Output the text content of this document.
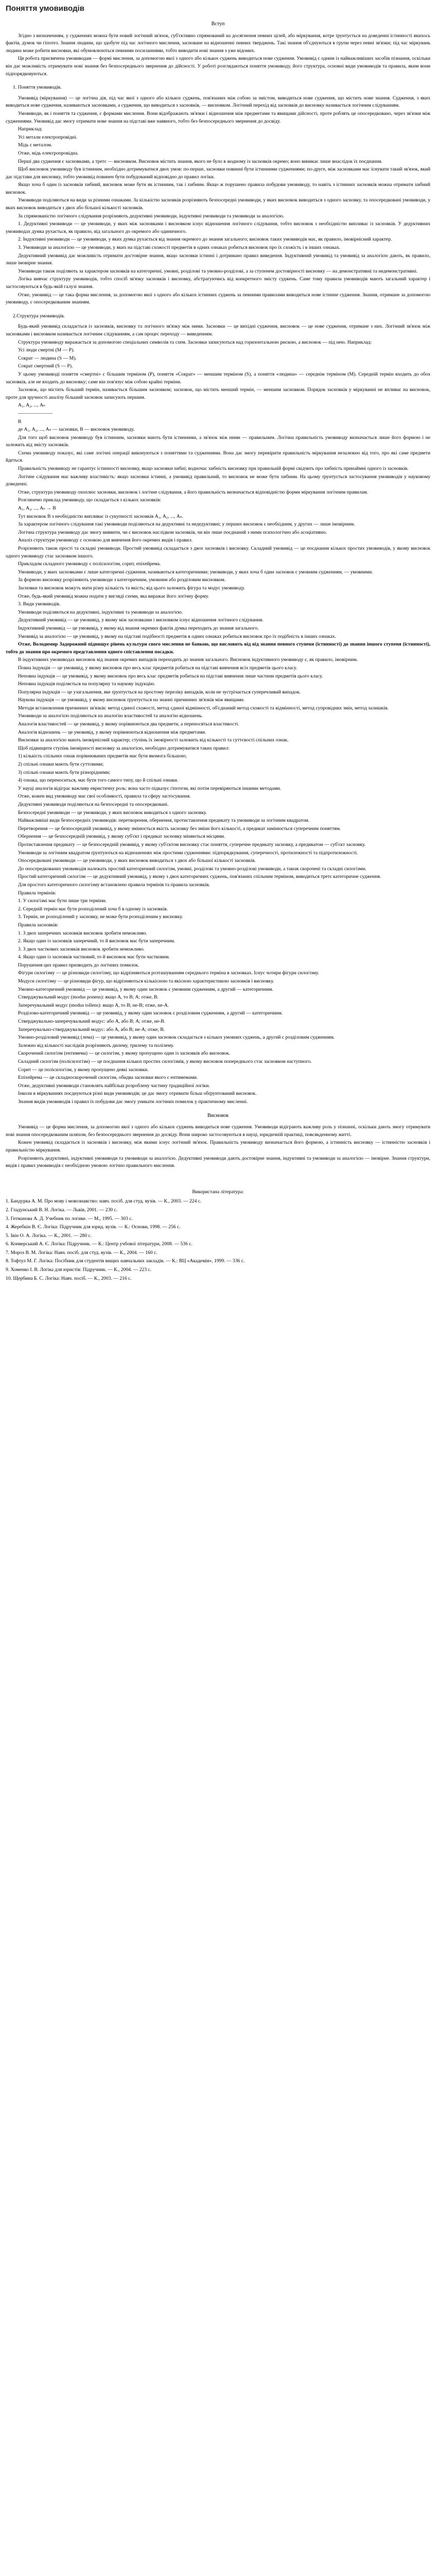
Поняття умовиводів
Вступ
Згідно з визначенням, у судженнях можна бути новий логічний зв'язок, суб'єктивно спрямований на досягнення певних цілей, або міркування, котре ґрунтується на доведенні істинності якихось фактів, думок чи гіпотез. Знання людини, що здобуте під час логічного мислення, засноване на відношенні певних тверджень. Такі знання об'єднуються в групи через певні зв'язки; під час міркувань людина може робити висновки, які обумовлюються певними посиланнями, тобто виводити нові знання з уже відомих.
Ця робота присвячена умовиводам — формі мислення, за допомогою якої з одного або кількох суджень виводиться нове судження. Умовивід є одним із найважливіших засобів пізнання, оскільки він дає можливість отримувати нові знання без безпосереднього звернення до дійсності. У роботі розглядаються поняття умовиводу, його структура, основні види умовиводів та правила, яким вони підпорядковуються.
1. Поняття умовиводів.
Умовивід (міркування) — це логічна дія, під час якої з одного або кількох суджень, пов'язаних між собою за змістом, виводиться нове судження, що містить нове знання. Судження, з яких виводиться нове судження, називаються засновками, а судження, що виводиться з засновків, — висновком. Логічний перехід від засновків до висновку називається логічним слідуванням.
Умовиводи, як і поняття та судження, є формами мислення. Вони відображають зв'язки і відношення між предметами та явищами дійсності, проте роблять це опосередковано, через зв'язки між судженнями. Умовивід дає змогу отримати нове знання на підставі вже наявного, тобто без безпосереднього звернення до досвіду.
Наприклад:
Усі метали електропровідні.
Мідь є металом.
Отже, мідь електропровідна.
Перші два судження є засновками, а третє — висновком. Висновок містить знання, якого не було в жодному із засновків окремо; воно виникає лише внаслідок їх поєднання.
Щоб висновок умовиводу був істинним, необхідно дотримуватися двох умов: по-перше, засновки повинні бути істинними судженнями; по-друге, між засновками має існувати такий зв'язок, який дає підстави для висновку, тобто умовивід повинен бути побудований відповідно до правил логіки.
Якщо хоча б один із засновків хибний, висновок може бути як істинним, так і хибним. Якщо ж порушено правила побудови умовиводу, то навіть з істинних засновків можна отримати хибний висновок.
Умовиводи поділяються на види за різними ознаками. За кількістю засновків розрізняють безпосередні умовиводи, у яких висновок виводиться з одного засновку, та опосередковані умовиводи, у яких висновок виводиться з двох або більшої кількості засновків.
За спрямованістю логічного слідування розрізняють дедуктивні умовиводи, індуктивні умовиводи та умовиводи за аналогією.
1. Дедуктивні умовиводи — це умовиводи, у яких між засновками і висновком існує відношення логічного слідування, тобто висновок з необхідністю випливає із засновків. У дедуктивних умовиводах думка рухається, як правило, від загального до окремого або одиничного.
2. Індуктивні умовиводи — це умовиводи, у яких думка рухається від знання окремого до знання загального; висновок таких умовиводів має, як правило, імовірнісний характер.
3. Умовиводи за аналогією — це умовиводи, у яких на підставі схожості предметів в одних ознаках робиться висновок про їх схожість і в інших ознаках.
Дедуктивний умовивід дає можливість отримати достовірне знання, якщо засновки істинні і дотримано правил виведення. Індуктивний умовивід та умовивід за аналогією дають, як правило, лише імовірне знання.
Умовиводи також поділяють за характером засновків на категоричні, умовні, розділові та умовно-розділові, а за ступенем достовірності висновку — на демонстративні та недемонстративні.
Логіка вивчає структуру умовиводів, тобто спосіб зв'язку засновків і висновку, абстрагуючись від конкретного змісту суджень. Саме тому правила умовиводів мають загальний характер і застосовуються в будь-якій галузі знання.
Отже, умовивід — це така форма мислення, за допомогою якої з одного або кількох істинних суджень за певними правилами виводиться нове істинне судження. Знання, отримане за допомогою умовиводу, є опосередкованим знанням.
2.Структура умовиводів.
Будь-який умовивід складається із засновків, висновку та логічного зв'язку між ними. Засновки — це вихідні судження, висновок — це нове судження, отримане з них. Логічний зв'язок між засновками і висновком називається логічним слідуванням, а сам процес переходу — виведенням.
Структура умовиводу виражається за допомогою спеціальних символів та схем. Засновки записуються над горизонтальною рискою, а висновок — під нею. Наприклад:
Усі люди смертні (М — Р).
Сократ — людина (S — М).
Сократ смертний (S — Р).
У цьому умовиводі поняття «смертні» є більшим терміном (Р), поняття «Сократ» — меншим терміном (S), а поняття «людина» — середнім терміном (М). Середній термін входить до обох засновків, але не входить до висновку; саме він пов'язує між собою крайні терміни.
Засновок, що містить більший термін, називається більшим засновком; засновок, що містить менший термін, — меншим засновком. Порядок засновків у міркуванні не впливає на висновок, проте для зручності аналізу більший засновок записують першим.
А₁, А₂, ..., Аₙ
———————
В
де А₁, А₂, ..., Аₙ — засновки, В — висновок умовиводу.
Для того щоб висновок умовиводу був істинним, засновки мають бути істинними, а зв'язок між ними — правильним. Логічна правильність умовиводу визначається лише його формою і не залежить від змісту засновків.
Схема умовиводу показує, які саме логічні операції виконуються з поняттями та судженнями. Вона дає змогу перевірити правильність міркування незалежно від того, про які саме предмети йдеться.
Правильність умовиводу не гарантує істинності висновку, якщо засновки хибні; водночас хибність висновку при правильній формі свідчить про хибність принаймні одного із засновків.
Логічне слідування має важливу властивість: якщо засновки істинні, а умовивід правильний, то висновок не може бути хибним. На цьому ґрунтується застосування умовиводів у науковому доведенні.
Отже, структура умовиводу охоплює засновки, висновок і логічне слідування, а його правильність визначається відповідністю форми міркування логічним правилам.
Розглянемо приклад умовиводу, що складається з кількох засновків:
А₁, А₂, ..., Аₙ → В
Тут висновок В з необхідністю випливає із сукупності засновків А₁, А₂, ..., Аₙ.
За характером логічного слідування такі умовиводи поділяються на дедуктивні та недедуктивні; у перших висновок є необхідним, у других — лише імовірним.
Логічна структура умовиводу дає змогу виявити, чи є висновок наслідком засновків, чи він лише поєднаний з ними психологічно або асоціативно.
Аналіз структури умовиводу є основою для вивчення його окремих видів і правил.
Розрізняють також прості та складні умовиводи. Простий умовивід складається з двох засновків і висновку. Складний умовивід — це поєднання кількох простих умовиводів, у якому висновок одного умовиводу стає засновком іншого.
Прикладом складного умовиводу є полісилогізм, сорит, епіхейрема.
Умовиводи, у яких засновками є лише категоричні судження, називаються категоричними; умовиводи, у яких хоча б один засновок є умовним судженням, — умовними.
За формою висновку розрізняють умовиводи з категоричним, умовним або розділовим висновком.
Засновки та висновок можуть мати різну кількість та якість; від цього залежить фігура та модус умовиводу.
Отже, будь-який умовивід можна подати у вигляді схеми, яка виражає його логічну форму.
3. Види умовиводів.
Умовиводи поділяються на дедуктивні, індуктивні та умовиводи за аналогією.
Дедуктивний умовивід — це умовивід, у якому між засновками і висновком існує відношення логічного слідування.
Індуктивний умовивід — це умовивід, у якому від знання окремих фактів думка переходить до знання загального.
Умовивід за аналогією — це умовивід, у якому на підставі подібності предметів в одних ознаках робиться висновок про їх подібність в інших ознаках.
Отже, Володимир Задорожний підвищує рівень культури свого мислення не банкою, що висловить від від знання певного ступеня (істинності) до знання іншого ступеня (істинності), тобто до знання про окремого представлення одного спіставлення посадки.
В індуктивних умовиводах висновок від знання окремих випадків переходить до знання загального. Висновок індуктивного умовиводу є, як правило, імовірним.
Повна індукція — це умовивід, у якому висновок про весь клас предметів робиться на підставі вивчення всіх предметів цього класу.
Неповна індукція — це умовивід, у якому висновок про весь клас предметів робиться на підставі вивчення лише частини предметів цього класу.
Неповна індукція поділяється на популярну та наукову індукцію.
Популярна індукція — це узагальнення, яке ґрунтується на простому переліку випадків, коли не зустрічається суперечливий випадок.
Наукова індукція — це умовивід, у якому висновок ґрунтується на знанні причинних зв'язків між явищами.
Методи встановлення причинних зв'язків: метод єдиної схожості, метод єдиної відмінності, об'єднаний метод схожості та відмінності, метод супровідних змін, метод залишків.
Умовиводи за аналогією поділяються на аналогію властивостей та аналогію відношень.
Аналогія властивостей — це умовивід, у якому порівнюються два предмети, а переносяться властивості.
Аналогія відношень — це умовивід, у якому порівнюються відношення між предметами.
Висновки за аналогією мають імовірнісний характер; ступінь їх імовірності залежить від кількості та суттєвості спільних ознак.
Щоб підвищити ступінь імовірності висновку за аналогією, необхідно дотримуватися таких правил:
1) кількість спільних ознак порівнюваних предметів має бути якомога більшою;
2) спільні ознаки мають бути суттєвими;
3) спільні ознаки мають бути різнорідними;
4) ознака, що переноситься, має бути того самого типу, що й спільні ознаки.
У науці аналогія відіграє важливу евристичну роль: вона часто підказує гіпотези, які потім перевіряються іншими методами.
Отже, кожен вид умовиводу має свої особливості, правила та сферу застосування.
Дедуктивні умовиводи поділяються на безпосередні та опосередковані.
Безпосередні умовиводи — це умовиводи, у яких висновок виводиться з одного засновку.
Найважливіші види безпосередніх умовиводів: перетворення, обернення, протиставлення предикату та умовиводи за логічним квадратом.
Перетворення — це безпосередній умовивід, у якому змінюється якість засновку без зміни його кількості, а предикат замінюється суперечним поняттям.
Обернення — це безпосередній умовивід, у якому суб'єкт і предикат засновку міняються місцями.
Протиставлення предикату — це безпосередній умовивід, у якому суб'єктом висновку стає поняття, суперечне предикату засновку, а предикатом — суб'єкт засновку.
Умовиводи за логічним квадратом ґрунтуються на відношеннях між простими судженнями: підпорядкування, суперечності, протилежності та підпротилежності.
Опосередковані умовиводи — це умовиводи, у яких висновок виводиться з двох або більшої кількості засновків.
До опосередкованих умовиводів належать простий категоричний силогізм, умовні, розділові та умовно-розділові умовиводи, а також скорочені та складні силогізми.
Простий категоричний силогізм — це дедуктивний умовивід, у якому з двох категоричних суджень, пов'язаних спільним терміном, виводиться третє категоричне судження.
Для простого категоричного силогізму встановлено правила термінів та правила засновків.
Правила термінів:
1. У силогізмі має бути лише три терміни.
2. Середній термін має бути розподілений хоча б в одному із засновків.
3. Термін, не розподілений у засновку, не може бути розподіленим у висновку.
Правила засновків:
1. З двох заперечних засновків висновок зробити неможливо.
2. Якщо один із засновків заперечний, то й висновок має бути заперечним.
3. З двох часткових засновків висновок зробити неможливо.
4. Якщо один із засновків частковий, то й висновок має бути частковим.
Порушення цих правил призводить до логічних помилок.
Фігури силогізму — це різновиди силогізму, що відрізняються розташуванням середнього терміна в засновках. Існує чотири фігури силогізму.
Модуси силогізму — це різновиди фігур, що відрізняються кількісною та якісною характеристикою засновків і висновку.
Умовно-категоричний умовивід — це умовивід, у якому один засновок є умовним судженням, а другий — категоричним.
Стверджувальний модус (modus ponens): якщо А, то В; А; отже, В.
Заперечувальний модус (modus tollens): якщо А, то В; не-В; отже, не-А.
Розділово-категоричний умовивід — це умовивід, у якому один засновок є розділовим судженням, а другий — категоричним.
Стверджувально-заперечувальний модус: або А, або В; А; отже, не-В.
Заперечувально-стверджувальний модус: або А, або В; не-А; отже, В.
Умовно-розділовий умовивід (лема) — це умовивід, у якому один засновок складається з кількох умовних суджень, а другий є розділовим судженням.
Залежно від кількості наслідків розрізняють дилему, трилему та полілему.
Скорочений силогізм (ентимема) — це силогізм, у якому пропущено один із засновків або висновок.
Складний силогізм (полісилогізм) — це поєднання кількох простих силогізмів, у якому висновок попереднього стає засновком наступного.
Сорит — це полісилогізм, у якому пропущено деякі засновки.
Епіхейрема — це складноскорочений силогізм, обидва засновки якого є ентимемами.
Отже, дедуктивні умовиводи становлять найбільш розроблену частину традиційної логіки.
Інколи в міркуваннях поєднуються різні види умовиводів; це дає змогу отримати більш обґрунтований висновок.
Знання видів умовиводів і правил їх побудови дає змогу уникати логічних помилок у практичному мисленні.
Висновок
Умовивід — це форма мислення, за допомогою якої з одного або кількох суджень виводиться нове судження. Умовиводи відіграють важливу роль у пізнанні, оскільки дають змогу отримувати нові знання опосередкованим шляхом, без безпосереднього звернення до досвіду. Вони широко застосовуються в науці, юридичній практиці, повсякденному житті.
Кожен умовивід складається із засновків і висновку, між якими існує логічний зв'язок. Правильність умовиводу визначається його формою, а істинність висновку — істинністю засновків і правильністю міркування.
Розрізняють дедуктивні, індуктивні умовиводи та умовиводи за аналогією. Дедуктивні умовиводи дають достовірне знання, індуктивні та умовиводи за аналогією — імовірне. Знання структури, видів і правил умовиводів є необхідною умовою логічно правильного мислення.
Використана література:
1. Бандурка А. М. Про мову і мовознавство: навч. посіб. для студ. вузів. — К., 2003. — 224 с.
2. Гладунський В. Н. Логіка. — Львів, 2001. — 230 с.
3. Гетманова А. Д. Учебник по логике. — М., 1995. — 303 с.
4. Жеребкін В. Є. Логіка: Підручник для юрид. вузів. — К.: Основи, 1998. — 256 с.
5. Івін О. А. Логіка. — К., 2001. — 280 с.
6. Конверський А. Є. Логіка: Підручник. — К.: Центр учбової літератури, 2008. — 536 с.
7. Мороз В. М. Логіка: Навч. посіб. для студ. вузів. — К., 2004. — 160 с.
8. Тофтул М. Г. Логіка: Посібник для студентів вищих навчальних закладів. — К.: ВЦ «Академія», 1999. — 336 с.
9. Хоменко І. В. Логіка для юристів: Підручник. — К., 2004. — 223 с.
10. Щербина Б. С. Логіка: Навч. посіб. — К., 2003. — 216 с.
